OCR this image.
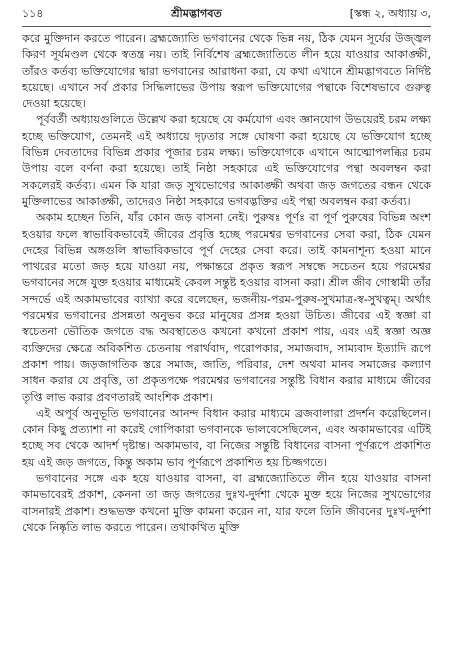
১১৪	শ্রীমদ্ভাগবত	[স্কন্ধ ২, অধ্যায় ৩,

করে মুক্তিদান করতে পারেন। ব্রহ্মজ্যোতি ভগবানের থেকে ভিন্ন নয়, ঠিক যেমন সূর্যের উজ্জ্বল কিরণ সূর্যমণ্ডল থেকে স্বতন্ত্র নয়। তাই নির্বিশেষ ব্রহ্মজ্যোতিতে লীন হয়ে যাওয়ার আকাঙ্ক্ষী, তাঁরও কর্তব্য ভক্তিযোগের দ্বারা ভগবানের আরাধনা করা, যে কথা এখানে শ্রীমদ্ভাগবতে নির্দিষ্ট হয়েছে। এখানে সর্ব প্রকার সিদ্ধিলাভের উপায় স্বরূপ ভক্তিযোগের পন্থাকে বিশেষভাবে গুরুত্ব দেওয়া হয়েছে।

পূর্ববর্তী অধ্যায়গুলিতে উল্লেখ করা হয়েছে যে কর্মযোগ এবং জ্ঞানযোগ উভয়েরই চরম লক্ষ্য হচ্ছে ভক্তিযোগ, তেমনই এই অধ্যায়ে দৃঢ়তার সঙ্গে ঘোষণা করা হয়েছে যে ভক্তিযোগ হচ্ছে বিভিন্ন দেবতাদের বিভিন্ন প্রকার পূজার চরম লক্ষ্য। ভক্তিযোগকে এখানে আত্মোপলব্ধির চরম উপায় বলে বর্ণনা করা হয়েছে। তাই নিষ্ঠা সহকারে এই ভক্তিযোগের পন্থা অবলম্বন করা সকলেরই কর্তব্য। এমন কি যারা জড় সুখভোগের আকাঙ্ক্ষী অথবা জড় জগতের বন্ধন থেকে মুক্তিলাভের আকাঙ্ক্ষী, তাদেরও নিষ্ঠা সহকারে ভগবদ্ভক্তির এই পন্থা অবলম্বন করা কর্তব্য।

অকাম হচ্ছেন তিনি, যাঁর কোন জড় বাসনা নেই। পুরুষঃ পূর্ণঃ বা পূর্ণ পুরুষের বিভিন্ন অংশ হওয়ার ফলে স্বাভাবিকভাবেই জীবের প্রবৃত্তি হচ্ছে পরমেশ্বর ভগবানের সেবা করা, ঠিক যেমন দেহের বিভিন্ন অঙ্গগুলি স্বাভাবিকভাবে পূর্ণ দেহের সেবা করে। তাই কামনাশূন্য হওয়া মানে পাথরের মতো জড় হয়ে যাওয়া নয়, পক্ষান্তরে প্রকৃত স্বরূপ সম্বন্ধে সচেতন হয়ে পরমেশ্বর ভগবানের সঙ্গে যুক্ত হওয়ার মাধ্যমেই কেবল সন্তুষ্ট হওয়ার বাসনা করা। শ্রীল জীব গোস্বামী তাঁর সন্দর্ভে এই অকামভাবের ব্যাখ্যা করে বলেছেন, ভজনীয়-পরম-পুরুষ-সুখমাত্র-স্ব-সুখত্বম্। অর্থাৎ পরমেশ্বর ভগবানের প্রসন্নতা অনুভব করে মানুষের প্রসন্ন হওয়া উচিত। জীবের এই স্বজ্ঞা বা স্বচেতনা ভৌতিক জগতে বদ্ধ অবস্থাতেও কখনো কখনো প্রকাশ পায়, এবং এই স্বজ্ঞা অজ্ঞ ব্যক্তিদের ক্ষেত্রে অবিকশিত চেতনায় পরার্থবাদ, পরোপকার, সমাজবাদ, সাম্যবাদ ইত্যাদি রূপে প্রকাশ পায়। জড়জাগতিক স্তরে সমাজ, জাতি, পরিবার, দেশ অথবা মানব সমাজের কল্যাণ সাধন করার যে প্রবৃত্তি, তা প্রকৃতপক্ষে পরমেশ্বর ভগবানের সন্তুষ্টি বিধান করার মাধ্যমে জীবের তৃপ্তি লাভ করার প্রবণতারই আংশিক প্রকাশ।

এই অপূর্ব অনুভূতি ভগবানের আনন্দ বিধান করার মাধ্যমে ব্রজবালারা প্রদর্শন করেছিলেন। কোন কিছু প্রত্যাশা না করেই গোপিকারা ভগবানকে ভালবেসেছিলেন, এবং অকামভাবের এটিই হচ্ছে সব থেকে আদর্শ দৃষ্টান্ত। অকামভাব, বা নিজের সন্তুষ্টি বিধানের বাসনা পূর্ণরূপে প্রকাশিত হয় এই জড় জগতে, কিন্তু অকাম ভাব পূর্ণরূপে প্রকাশিত হয় চিজ্জগতে।

ভগবানের সঙ্গে এক হয়ে যাওয়ার বাসনা, বা ব্রহ্মজ্যোতিতে লীন হয়ে যাওয়ার বাসনা কামভাবেরই প্রকাশ, কেননা তা জড় জগতের দুঃখ-দুর্দশা থেকে মুক্ত হয়ে নিজের সুখভোগের বাসনারই প্রকাশ। শুদ্ধভক্ত কখনো মুক্তি কামনা করেন না, যার ফলে তিনি জীবনের দুঃখ-দুর্দশা থেকে নিষ্কৃতি লাভ করতে পারেন। তথাকথিত মুক্তি
